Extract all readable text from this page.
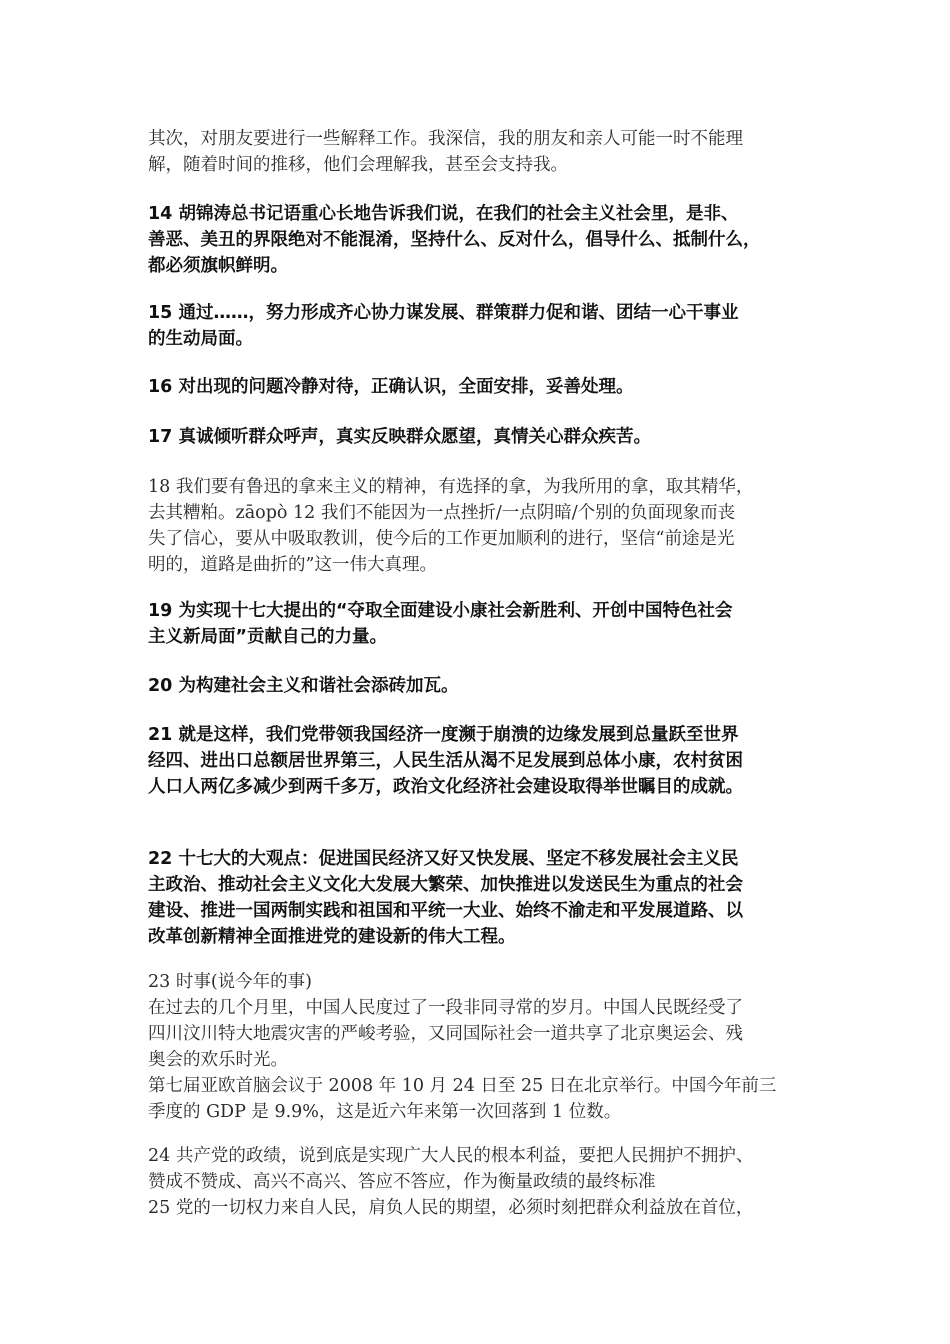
其次，对朋友要进行一些解释工作。我深信，我的朋友和亲人可能一时不能理
解，随着时间的推移，他们会理解我，甚至会支持我。
14 胡锦涛总书记语重心长地告诉我们说，在我们的社会主义社会里，是非、
善恶、美丑的界限绝对不能混淆，坚持什么、反对什么，倡导什么、抵制什么，
都必须旗帜鲜明。
15 通过……，努力形成齐心协力谋发展、群策群力促和谐、团结一心干事业
的生动局面。
16 对出现的问题冷静对待，正确认识，全面安排，妥善处理。
17 真诚倾听群众呼声，真实反映群众愿望，真情关心群众疾苦。
18 我们要有鲁迅的拿来主义的精神，有选择的拿，为我所用的拿，取其精华，
去其糟粕。zāopò 12 我们不能因为一点挫折/一点阴暗/个别的负面现象而丧
失了信心，要从中吸取教训，使今后的工作更加顺利的进行，坚信“前途是光
明的，道路是曲折的”这一伟大真理。
19 为实现十七大提出的“夺取全面建设小康社会新胜利、开创中国特色社会
主义新局面”贡献自己的力量。
20 为构建社会主义和谐社会添砖加瓦。
21 就是这样，我们党带领我国经济一度濒于崩溃的边缘发展到总量跃至世界
经四、进出口总额居世界第三，人民生活从渴不足发展到总体小康，农村贫困
人口人两亿多减少到两千多万，政治文化经济社会建设取得举世瞩目的成就。
22 十七大的大观点：促进国民经济又好又快发展、坚定不移发展社会主义民
主政治、推动社会主义文化大发展大繁荣、加快推进以发送民生为重点的社会
建设、推进一国两制实践和祖国和平统一大业、始终不渝走和平发展道路、以
改革创新精神全面推进党的建设新的伟大工程。
23 时事(说今年的事)
在过去的几个月里，中国人民度过了一段非同寻常的岁月。中国人民既经受了
四川汶川特大地震灾害的严峻考验，又同国际社会一道共享了北京奥运会、残
奥会的欢乐时光。
第七届亚欧首脑会议于 2008 年 10 月 24 日至 25 日在北京举行。中国今年前三
季度的 GDP 是 9.9%，这是近六年来第一次回落到 1 位数。
24 共产党的政绩，说到底是实现广大人民的根本利益，要把人民拥护不拥护、
赞成不赞成、高兴不高兴、答应不答应，作为衡量政绩的最终标准
25 党的一切权力来自人民，肩负人民的期望，必须时刻把群众利益放在首位，
